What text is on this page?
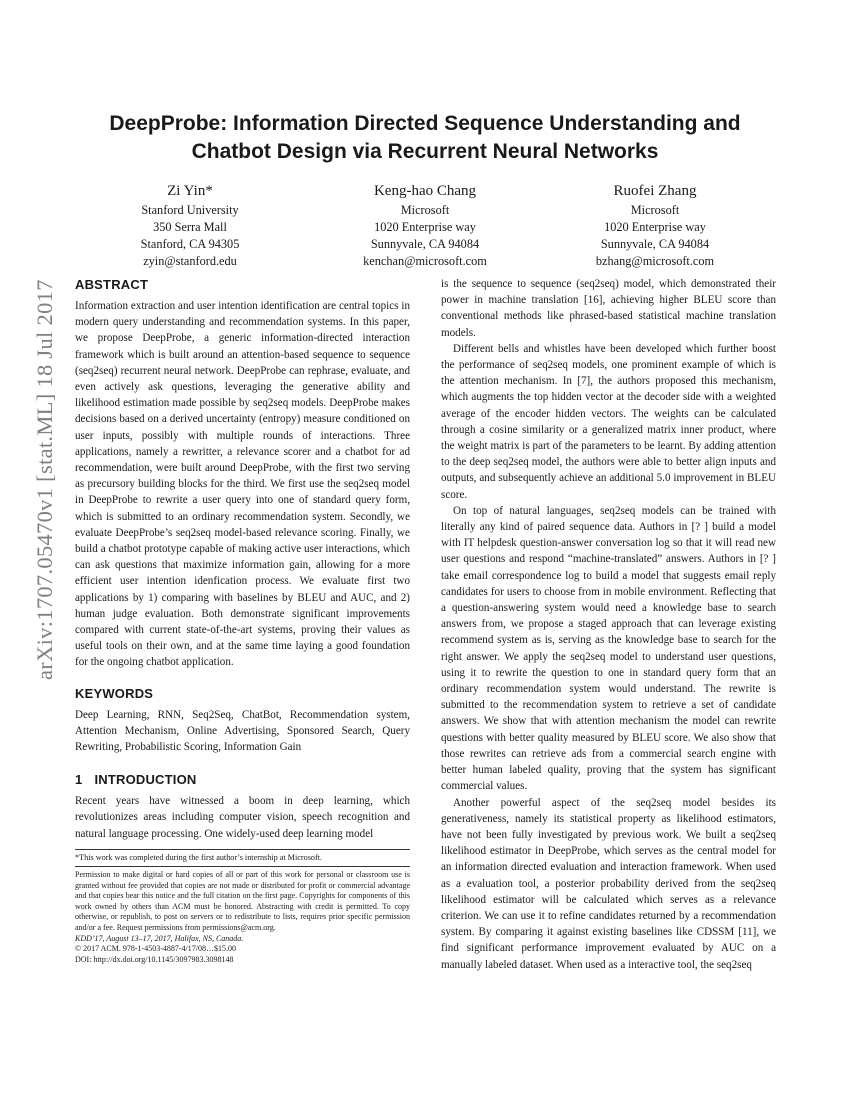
arXiv:1707.05470v1 [stat.ML] 18 Jul 2017
DeepProbe: Information Directed Sequence Understanding and
Chatbot Design via Recurrent Neural Networks
Zi Yin*
Stanford University
350 Serra Mall
Stanford, CA 94305
zyin@stanford.edu
Keng-hao Chang
Microsoft
1020 Enterprise way
Sunnyvale, CA 94084
kenchan@microsoft.com
Ruofei Zhang
Microsoft
1020 Enterprise way
Sunnyvale, CA 94084
bzhang@microsoft.com
ABSTRACT

Information extraction and user intention identification are central topics in modern query understanding and recommendation systems. In this paper, we propose DeepProbe, a generic information-directed interaction framework which is built around an attention-based sequence to sequence (seq2seq) recurrent neural network. DeepProbe can rephrase, evaluate, and even actively ask questions, leveraging the generative ability and likelihood estimation made possible by seq2seq models. DeepProbe makes decisions based on a derived uncertainty (entropy) measure conditioned on user inputs, possibly with multiple rounds of interactions. Three applications, namely a rewritter, a relevance scorer and a chatbot for ad recommendation, were built around DeepProbe, with the first two serving as precursory building blocks for the third. We first use the seq2seq model in DeepProbe to rewrite a user query into one of standard query form, which is submitted to an ordinary recommendation system. Secondly, we evaluate DeepProbe’s seq2seq model-based relevance scoring. Finally, we build a chatbot prototype capable of making active user interactions, which can ask questions that maximize information gain, allowing for a more efficient user intention idenfication process. We evaluate first two applications by 1) comparing with baselines by BLEU and AUC, and 2) human judge evaluation. Both demonstrate significant improvements compared with current state-of-the-art systems, proving their values as useful tools on their own, and at the same time laying a good foundation for the ongoing chatbot application.

KEYWORDS

Deep Learning, RNN, Seq2Seq, ChatBot, Recommendation system, Attention Mechanism, Online Advertising, Sponsored Search, Query Rewriting, Probabilistic Scoring, Information Gain

1 INTRODUCTION

Recent years have witnessed a boom in deep learning, which revolutionizes areas including computer vision, speech recognition and natural language processing. One widely-used deep learning model

*This work was completed during the first author’s internship at Microsoft.

Permission to make digital or hard copies of all or part of this work for personal or classroom use is granted without fee provided that copies are not made or distributed for profit or commercial advantage and that copies bear this notice and the full citation on the first page. Copyrights for components of this work owned by others than ACM must be honored. Abstracting with credit is permitted. To copy otherwise, or republish, to post on servers or to redistribute to lists, requires prior specific permission and/or a fee. Request permissions from permissions@acm.org.

KDD’17, August 13–17, 2017, Halifax, NS, Canada.

© 2017 ACM. 978-1-4503-4887-4/17/08…$15.00

DOI: http://dx.doi.org/10.1145/3097983.3098148

is the sequence to sequence (seq2seq) model, which demonstrated their power in machine translation [16], achieving higher BLEU score than conventional methods like phrased-based statistical machine translation models.

Different bells and whistles have been developed which further boost the performance of seq2seq models, one prominent example of which is the attention mechanism. In [7], the authors proposed this mechanism, which augments the top hidden vector at the decoder side with a weighted average of the encoder hidden vectors. The weights can be calculated through a cosine similarity or a generalized matrix inner product, where the weight matrix is part of the parameters to be learnt. By adding attention to the deep seq2seq model, the authors were able to better align inputs and outputs, and subsequently achieve an additional 5.0 improvement in BLEU score.

On top of natural languages, seq2seq models can be trained with literally any kind of paired sequence data. Authors in [? ] build a model with IT helpdesk question-answer conversation log so that it will read new user questions and respond “machine-translated” answers. Authors in [? ] take email correspondence log to build a model that suggests email reply candidates for users to choose from in mobile environment. Reflecting that a question-answering system would need a knowledge base to search answers from, we propose a staged approach that can leverage existing recommend system as is, serving as the knowledge base to search for the right answer. We apply the seq2seq model to understand user questions, using it to rewrite the question to one in standard query form that an ordinary recommendation system would understand. The rewrite is submitted to the recommendation system to retrieve a set of candidate answers. We show that with attention mechanism the model can rewrite questions with better quality measured by BLEU score. We also show that those rewrites can retrieve ads from a commercial search engine with better human labeled quality, proving that the system has significant commercial values.

Another powerful aspect of the seq2seq model besides its generativeness, namely its statistical property as likelihood estimators, have not been fully investigated by previous work. We built a seq2seq likelihood estimator in DeepProbe, which serves as the central model for an information directed evaluation and interaction framework. When used as a evaluation tool, a posterior probability derived from the seq2seq likelihood estimator will be calculated which serves as a relevance criterion. We can use it to refine candidates returned by a recommendation system. By comparing it against existing baselines like CDSSM [11], we find significant performance improvement evaluated by AUC on a manually labeled dataset. When used as a interactive tool, the seq2seq
